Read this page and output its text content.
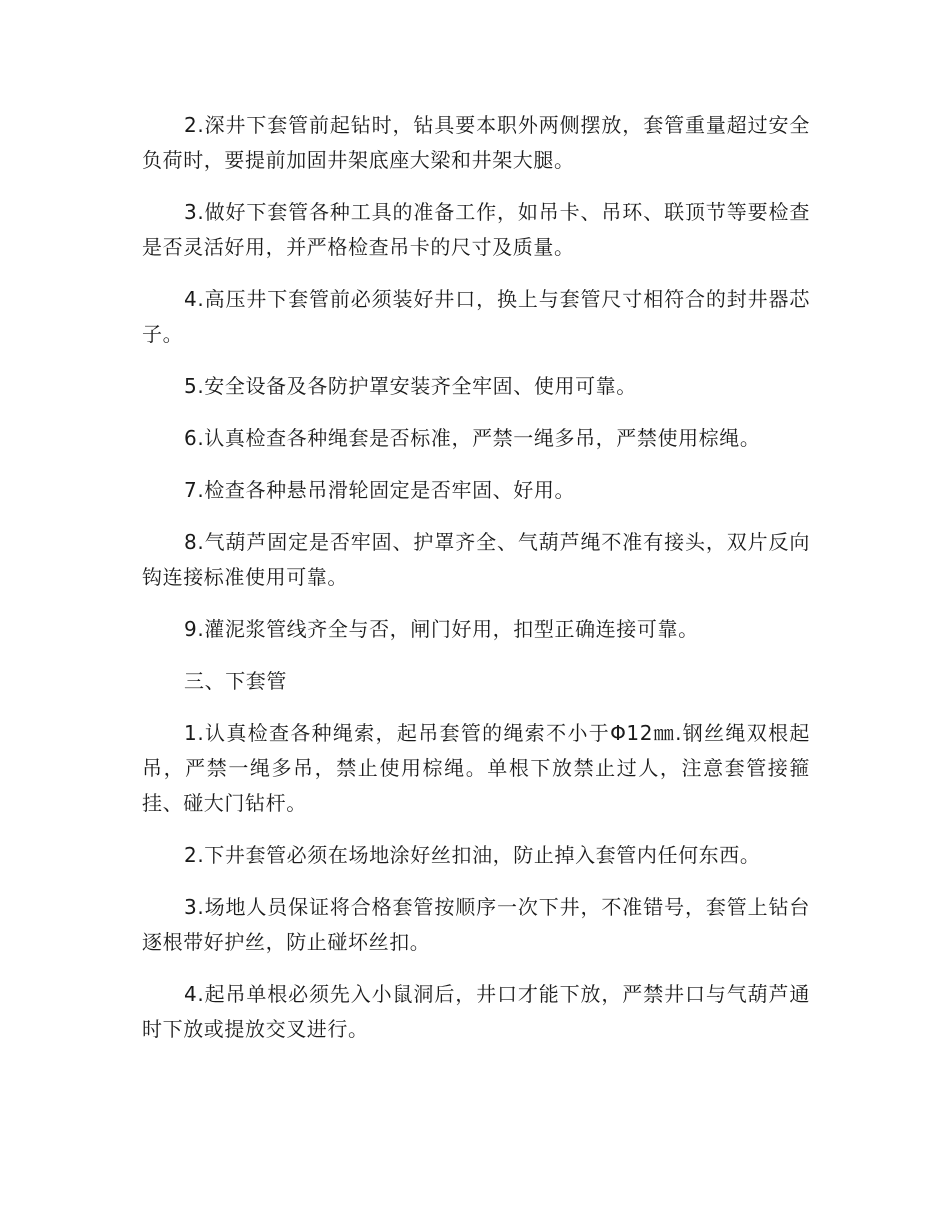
2.深井下套管前起钻时，钻具要本职外两侧摆放，套管重量超过安全负荷时，要提前加固井架底座大梁和井架大腿。

3.做好下套管各种工具的准备工作，如吊卡、吊环、联顶节等要检查是否灵活好用，并严格检查吊卡的尺寸及质量。

4.高压井下套管前必须装好井口，换上与套管尺寸相符合的封井器芯子。

5.安全设备及各防护罩安装齐全牢固、使用可靠。

6.认真检查各种绳套是否标准，严禁一绳多吊，严禁使用棕绳。

7.检查各种悬吊滑轮固定是否牢固、好用。

8.气葫芦固定是否牢固、护罩齐全、气葫芦绳不准有接头，双片反向钩连接标准使用可靠。

9.灌泥浆管线齐全与否，闸门好用，扣型正确连接可靠。

三、下套管

1.认真检查各种绳索，起吊套管的绳索不小于Φ12㎜.钢丝绳双根起吊，严禁一绳多吊，禁止使用棕绳。单根下放禁止过人，注意套管接箍挂、碰大门钻杆。

2.下井套管必须在场地涂好丝扣油，防止掉入套管内任何东西。

3.场地人员保证将合格套管按顺序一次下井，不准错号，套管上钻台逐根带好护丝，防止碰坏丝扣。

4.起吊单根必须先入小鼠洞后，井口才能下放，严禁井口与气葫芦通时下放或提放交叉进行。
